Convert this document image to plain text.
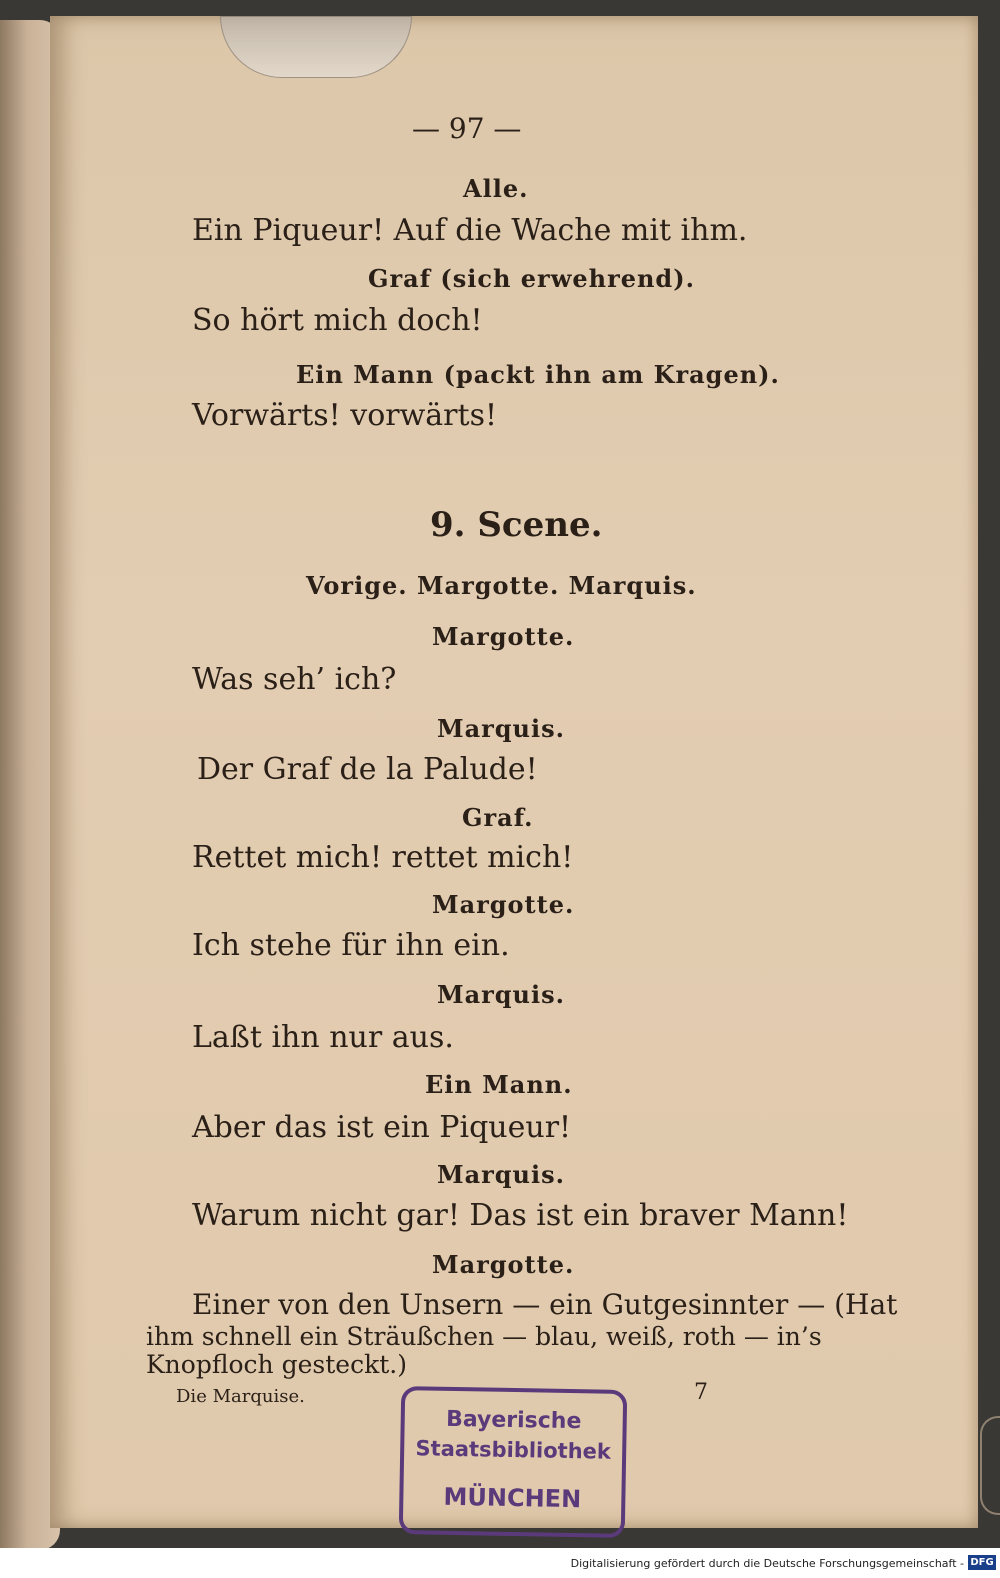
— 97 —
Alle.
Ein Piqueur! Auf die Wache mit ihm.
Graf (sich erwehrend).
So hört mich doch!
Ein Mann (packt ihn am Kragen).
Vorwärts! vorwärts!
9. Scene.
Vorige. Margotte. Marquis.
Margotte.
Was seh’ ich?
Marquis.
Der Graf de la Palude!
Graf.
Rettet mich! rettet mich!
Margotte.
Ich stehe für ihn ein.
Marquis.
Laßt ihn nur aus.
Ein Mann.
Aber das ist ein Piqueur!
Marquis.
Warum nicht gar! Das ist ein braver Mann!
Margotte.
Einer von den Unsern — ein Gutgesinnter — (Hat
ihm schnell ein Sträußchen — blau, weiß, roth — in’s
Knopfloch gesteckt.)
Die Marquise.	7
Bayerische
Staatsbibliothek
MÜNCHEN
Digitalisierung gefördert durch die Deutsche Forschungsgemeinschaft - DFG
